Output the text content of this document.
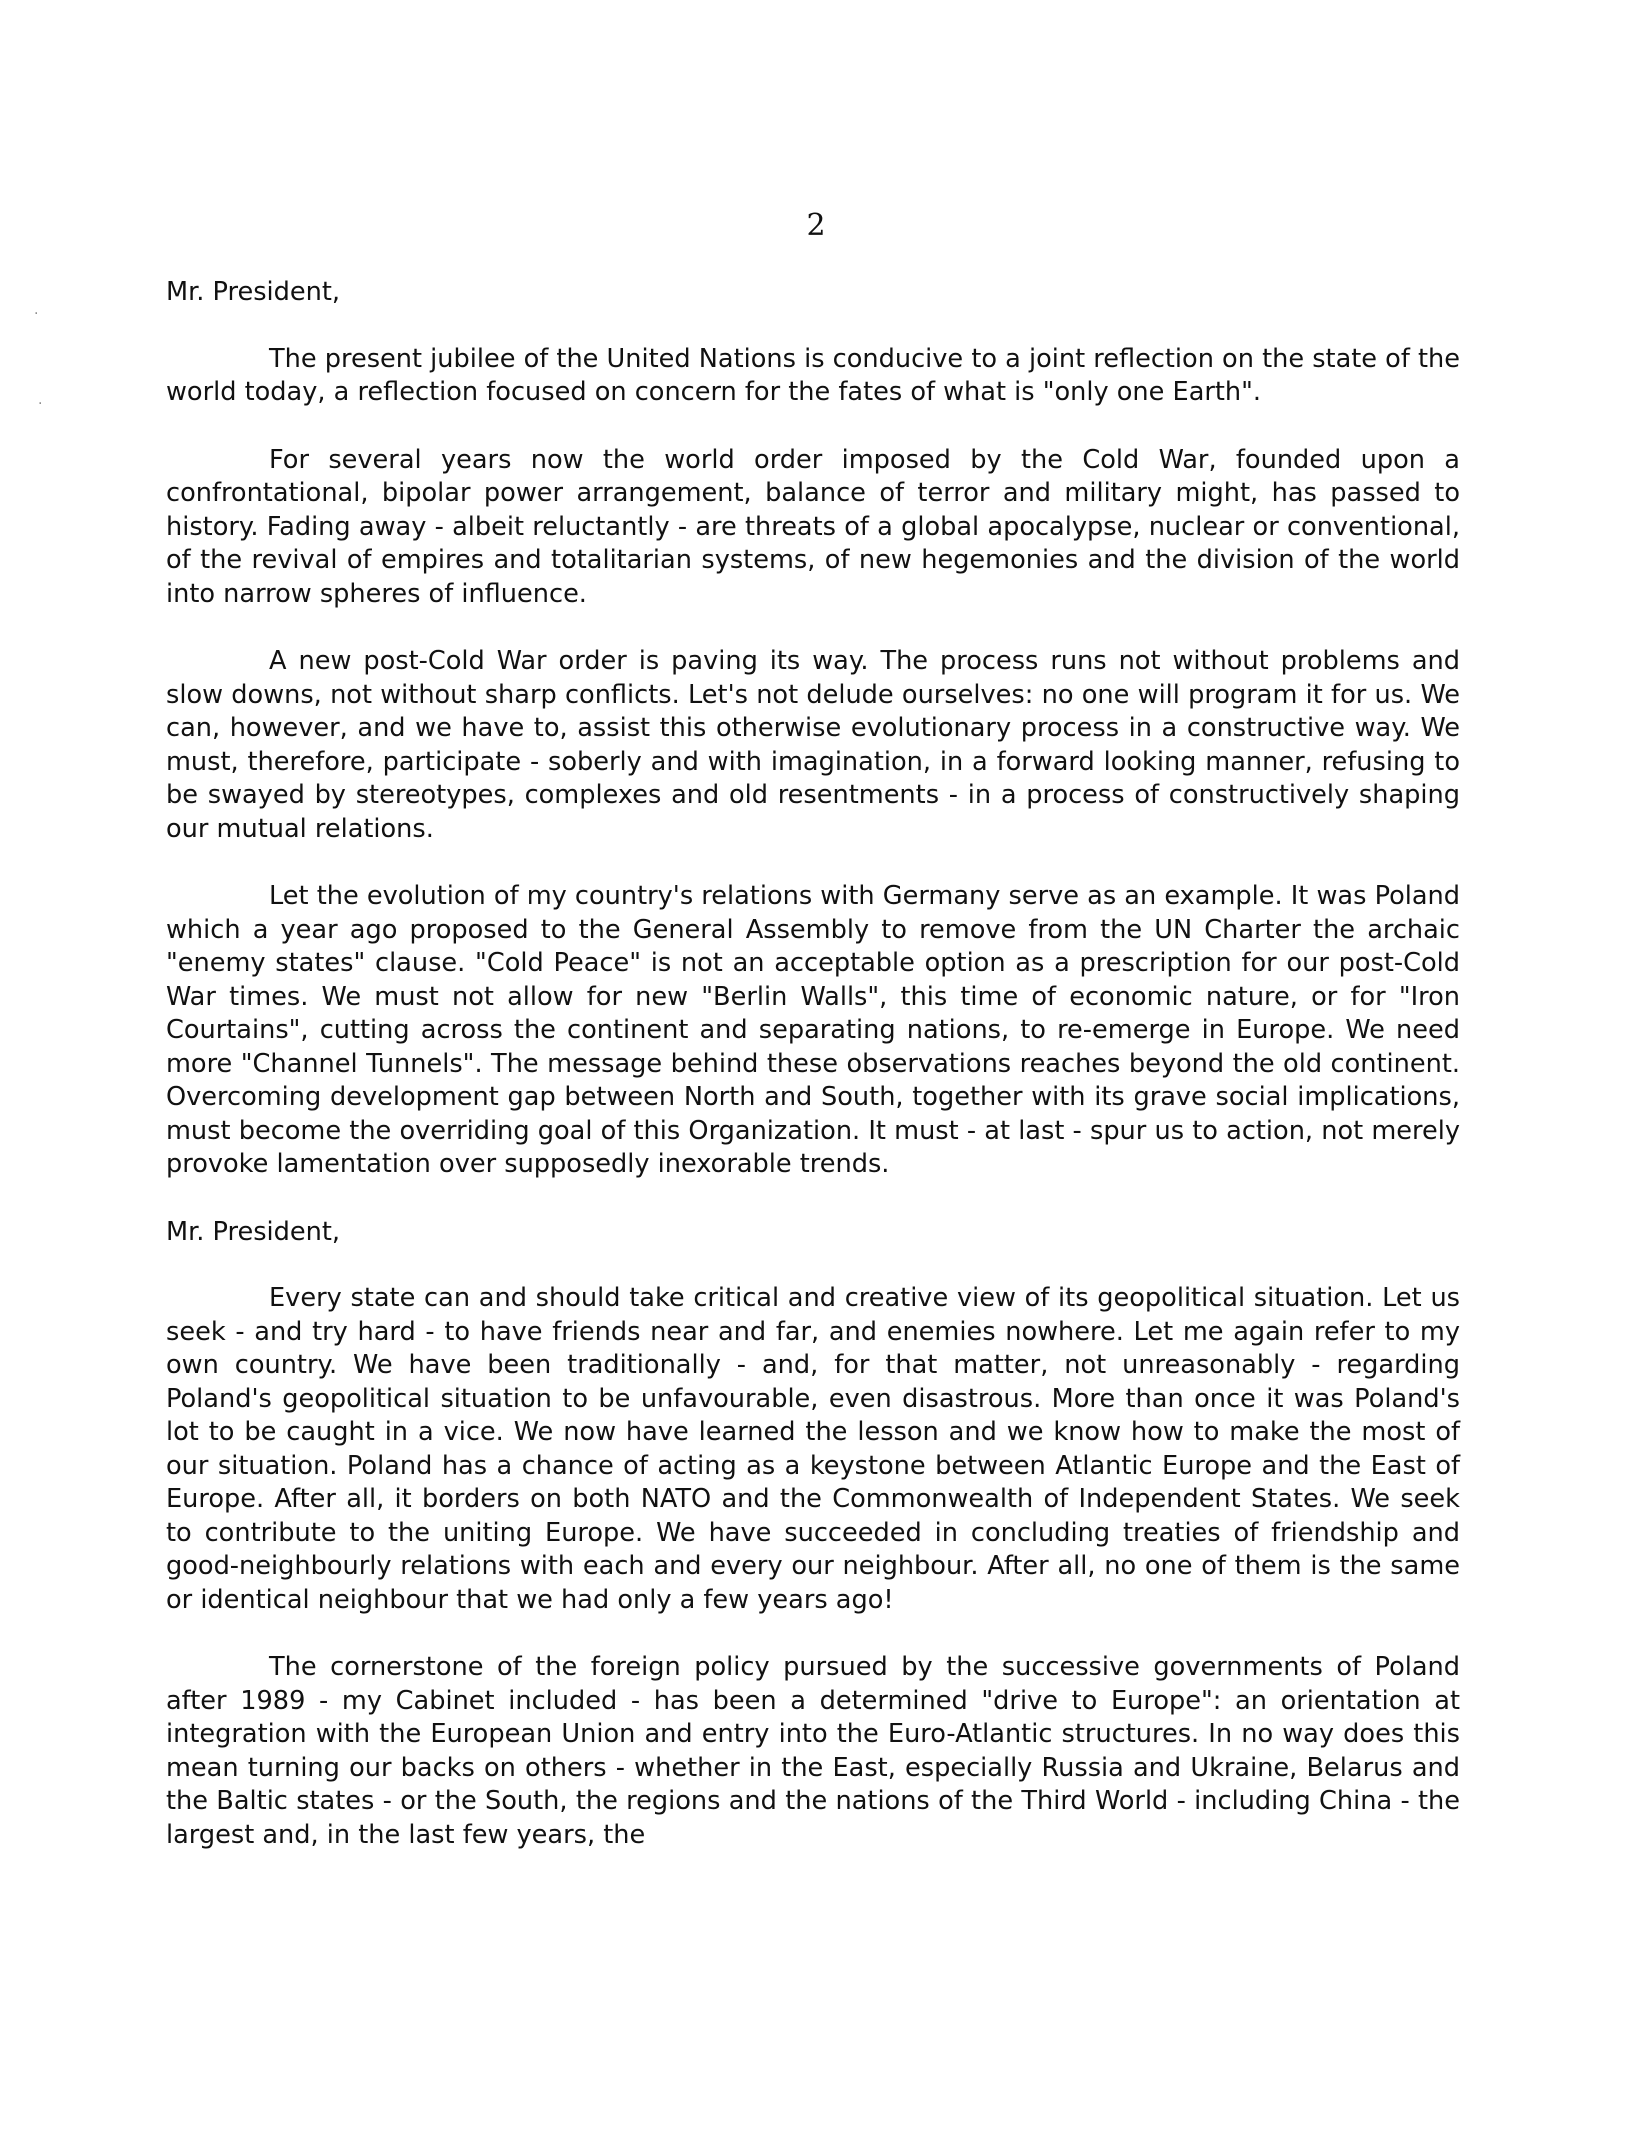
2

Mr. President,

The present jubilee of the United Nations is conducive to a joint reflection on the state of the world today, a reflection focused on concern for the fates of what is "only one Earth".

For several years now the world order imposed by the Cold War, founded upon a confrontational, bipolar power arrangement, balance of terror and military might, has passed to history. Fading away - albeit reluctantly - are threats of a global apocalypse, nuclear or conventional, of the revival of empires and totalitarian systems, of new hegemonies and the division of the world into narrow spheres of influence.

A new post-Cold War order is paving its way. The process runs not without problems and slow downs, not without sharp conflicts. Let's not delude ourselves: no one will program it for us. We can, however, and we have to, assist this otherwise evolutionary process in a constructive way. We must, therefore, participate - soberly and with imagination, in a forward looking manner, refusing to be swayed by stereotypes, complexes and old resentments - in a process of constructively shaping our mutual relations.

Let the evolution of my country's relations with Germany serve as an example. It was Poland which a year ago proposed to the General Assembly to remove from the UN Charter the archaic "enemy states" clause. "Cold Peace" is not an acceptable option as a prescription for our post-Cold War times. We must not allow for new "Berlin Walls", this time of economic nature, or for "Iron Courtains", cutting across the continent and separating nations, to re-emerge in Europe. We need more "Channel Tunnels". The message behind these observations reaches beyond the old continent. Overcoming development gap between North and South, together with its grave social implications, must become the overriding goal of this Organization. It must - at last - spur us to action, not merely provoke lamentation over supposedly inexorable trends.

Mr. President,

Every state can and should take critical and creative view of its geopolitical situation. Let us seek - and try hard - to have friends near and far, and enemies nowhere. Let me again refer to my own country. We have been traditionally - and, for that matter, not unreasonably - regarding Poland's geopolitical situation to be unfavourable, even disastrous. More than once it was Poland's lot to be caught in a vice. We now have learned the lesson and we know how to make the most of our situation. Poland has a chance of acting as a keystone between Atlantic Europe and the East of Europe. After all, it borders on both NATO and the Commonwealth of Independent States. We seek to contribute to the uniting Europe. We have succeeded in concluding treaties of friendship and good-neighbourly relations with each and every our neighbour. After all, no one of them is the same or identical neighbour that we had only a few years ago!

The cornerstone of the foreign policy pursued by the successive governments of Poland after 1989 - my Cabinet included - has been a determined "drive to Europe": an orientation at integration with the European Union and entry into the Euro-Atlantic structures. In no way does this mean turning our backs on others - whether in the East, especially Russia and Ukraine, Belarus and the Baltic states - or the South, the regions and the nations of the Third World - including China - the largest and, in the last few years, the

·
·
